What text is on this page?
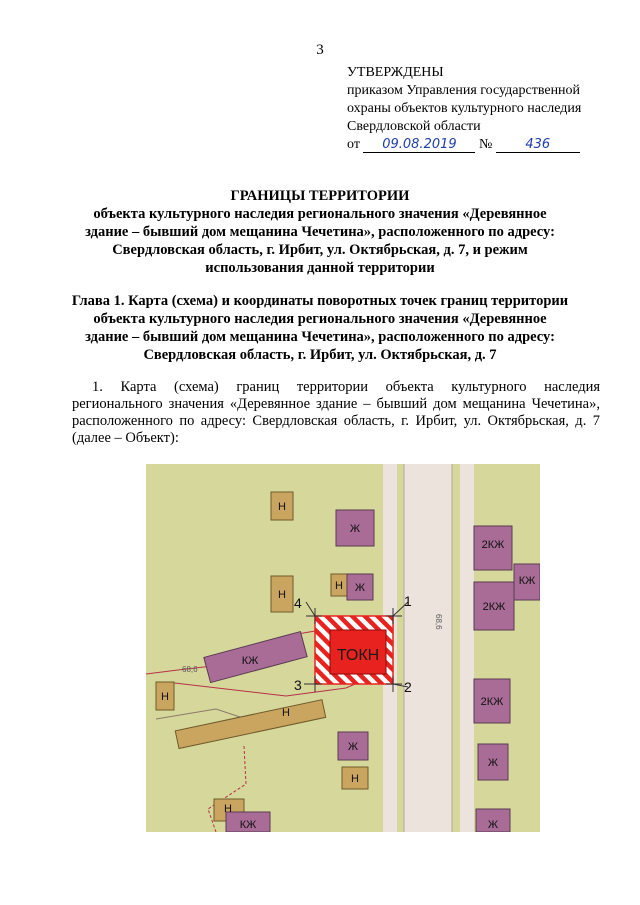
3
УТВЕРЖДЕНЫ
приказом Управления государственной
охраны объектов культурного наследия
Свердловской области
от 09.08.2019 №	436
ГРАНИЦЫ ТЕРРИТОРИИ
объекта культурного наследия регионального значения «Деревянное
здание – бывший дом мещанина Чечетина», расположенного по адресу:
Свердловская область, г. Ирбит, ул. Октябрьская, д. 7, и режим
использования данной территории
Глава 1. Карта (схема) и координаты поворотных точек границ территории
объекта культурного наследия регионального значения «Деревянное
здание – бывший дом мещанина Чечетина», расположенного по адресу:
Свердловская область, г. Ирбит, ул. Октябрьская, д. 7
1. Карта (схема) границ территории объекта культурного наследия
регионального значения «Деревянное здание – бывший дом мещанина Чечетина»,
расположенного по адресу: Свердловская область, г. Ирбит, ул. Октябрьская, д. 7
(далее – Объект):
Н
Ж
Н
Н Ж
КЖ
Н
Н
Ж
Н
Н
КЖ
2КЖ
КЖ
2КЖ
2КЖ
Ж
Ж
ТОКН
1
2
3
4
68,6
68,6
